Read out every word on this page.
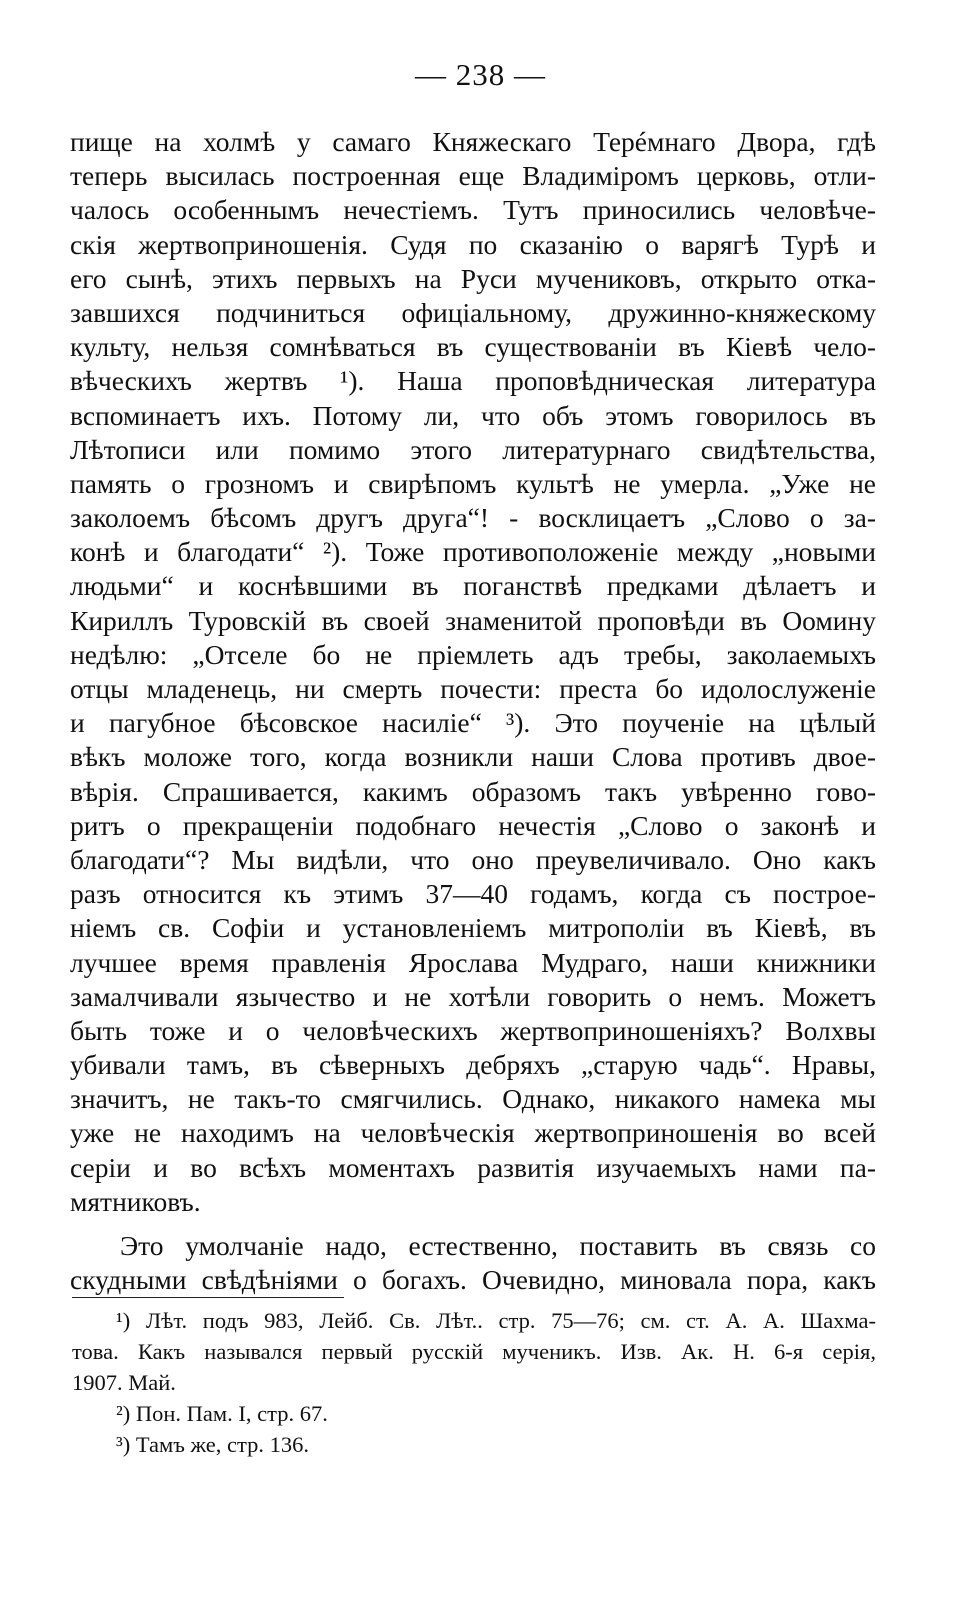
— 238 —
пище на холмѣ у самаго Княжескаго Терéмнаго Двора, гдѣ
теперь высилась построенная еще Владиміромъ церковь, отли-
чалось особеннымъ нечестіемъ. Тутъ приносились человѣче-
скія жертвоприношенія. Судя по сказанію о варягѣ Турѣ и
его сынѣ, этихъ первыхъ на Руси мучениковъ, открыто отка-
завшихся подчиниться офиціальному, дружинно-княжескому
культу, нельзя сомнѣваться въ существованіи въ Кіевѣ чело-
вѣческихъ жертвъ ¹). Наша проповѣдническая литература
вспоминаетъ ихъ. Потому ли, что объ этомъ говорилось въ
Лѣтописи или помимо этого литературнаго свидѣтельства,
память о грозномъ и свирѣпомъ культѣ не умерла. „Уже не
заколоемъ бѣсомъ другъ друга“! - восклицаетъ „Слово о за-
конѣ и благодати“ ²). Тоже противоположеніе между „новыми
людьми“ и коснѣвшими въ поганствѣ предками дѣлаетъ и
Кириллъ Туровскій въ своей знаменитой проповѣди въ Оомину
недѣлю: „Отселе бо не пріемлеть адъ требы, заколаемыхъ
отцы младенець, ни смерть почести: преста бо идолослуженіе
и пагубное бѣсовское насиліе“ ³). Это поученіе на цѣлый
вѣкъ моложе того, когда возникли наши Слова противъ двое-
вѣрія. Спрашивается, какимъ образомъ такъ увѣренно гово-
ритъ о прекращеніи подобнаго нечестія „Слово о законѣ и
благодати“? Мы видѣли, что оно преувеличивало. Оно какъ
разъ относится къ этимъ 37—40 годамъ, когда съ построе-
ніемъ св. Софіи и установленіемъ митрополіи въ Кіевѣ, въ
лучшее время правленія Ярослава Мудраго, наши книжники
замалчивали язычество и не хотѣли говорить о немъ. Можетъ
быть тоже и о человѣческихъ жертвоприношеніяхъ? Волхвы
убивали тамъ, въ сѣверныхъ дебряхъ „старую чадь“. Нравы,
значитъ, не такъ-то смягчились. Однако, никакого намека мы
уже не находимъ на человѣческія жертвоприношенія во всей
серіи и во всѣхъ моментахъ развитія изучаемыхъ нами па-
мятниковъ.
Это умолчаніе надо, естественно, поставить въ связь со
скудными свѣдѣніями о богахъ. Очевидно, миновала пора, какъ
¹) Лѣт. подъ 983, Лейб. Св. Лѣт.. стр. 75—76; см. ст. А. А. Шахма-
това. Какъ назывался первый русскій мученикъ. Изв. Ак. Н. 6-я серія,
1907. Май.
²) Пон. Пам. I, стр. 67.
³) Тамъ же, стр. 136.
